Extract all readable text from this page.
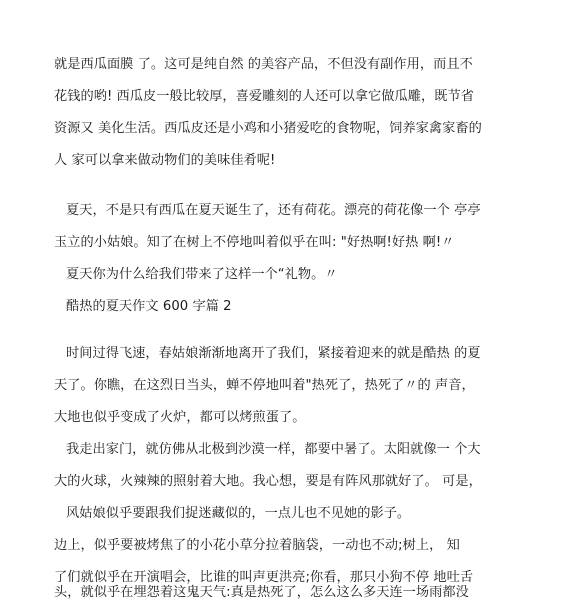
就是西瓜面膜 了。这可是纯自然 的美容产品，不但没有副作用，而且不
花钱的哟! 西瓜皮一般比较厚，喜爱雕刻的人还可以拿它做瓜雕，既节省
资源又 美化生活。西瓜皮还是小鸡和小猪爱吃的食物呢，饲养家禽家畜的
人 家可以拿来做动物们的美味佳肴呢!
夏天，不是只有西瓜在夏天诞生了，还有荷花。漂亮的荷花像一个 亭亭
玉立的小姑娘。知了在树上不停地叫着似乎在叫: "好热啊!好热 啊!〃
夏天你为什么给我们带来了这样一个“礼物。〃
酷热的夏天作文 600 字篇 2
时间过得飞速，春姑娘渐渐地离开了我们，紧接着迎来的就是酷热 的夏
天了。你瞧，在这烈日当头，蝉不停地叫着"热死了，热死了〃的 声音，
大地也似乎变成了火炉，都可以烤煎蛋了。
我走出家门，就仿佛从北极到沙漠一样，都要中暑了。太阳就像一 个大
大的火球，火辣辣的照射着大地。我心想，要是有阵风那就好了。 可是，
风姑娘似乎要跟我们捉迷藏似的，一点儿也不见她的影子。
边上，似乎要被烤焦了的小花小草分拉着脑袋，一动也不动;树上， 知
了们就似乎在开演唱会，比谁的叫声更洪亮;你看，那只小狗不停 地吐舌
头，就似乎在埋怨着这鬼天气:真是热死了，怎么这么多天连一场雨都没
